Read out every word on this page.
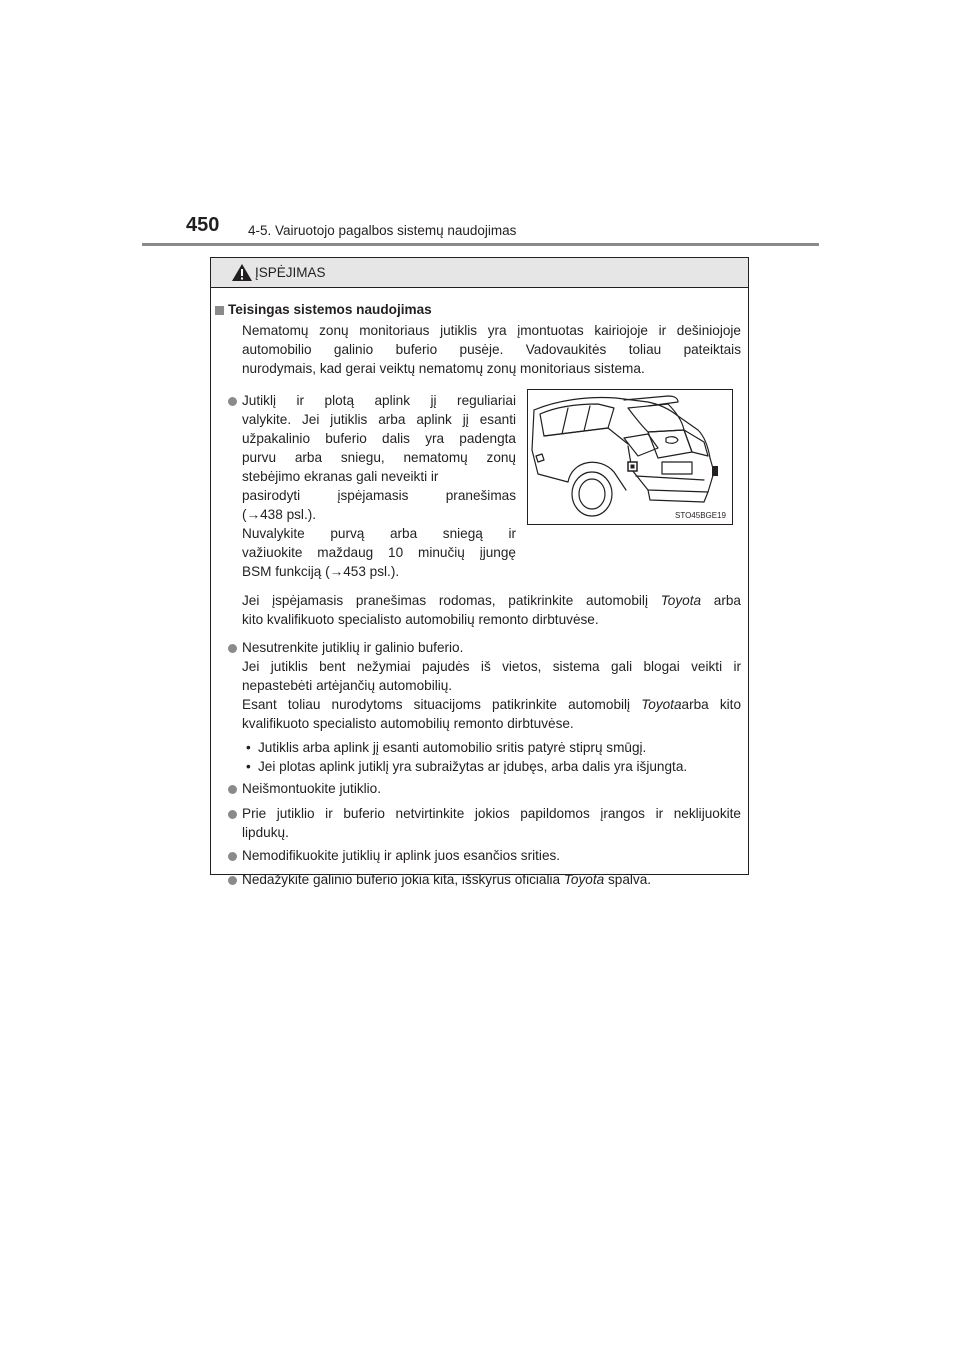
450 4-5. Vairuotojo pagalbos sistemų naudojimas
ĮSPĖJIMAS
Teisingas sistemos naudojimas
Nematomų zonų monitoriaus jutiklis yra įmontuotas kairiojoje ir dešiniojoje
automobilio galinio buferio pusėje. Vadovaukitės toliau pateiktais
nurodymais, kad gerai veiktų nematomų zonų monitoriaus sistema.
Jutiklį ir plotą aplink jį reguliariai
valykite. Jei jutiklis arba aplink jį esanti
užpakalinio buferio dalis yra padengta
purvu arba sniegu, nematomų zonų
stebėjimo ekranas gali neveikti ir
pasirodyti įspėjamasis pranešimas
(→438 psl.).
Nuvalykite purvą arba sniegą ir
važiuokite maždaug 10 minučių įjungę
BSM funkciją (→453 psl.).
STO45BGE19
Jei įspėjamasis pranešimas rodomas, patikrinkite automobilį Toyota arba
kito kvalifikuoto specialisto automobilių remonto dirbtuvėse.
Nesutrenkite jutiklių ir galinio buferio.
Jei jutiklis bent nežymiai pajudės iš vietos, sistema gali blogai veikti ir
nepastebėti artėjančių automobilių.
Esant toliau nurodytoms situacijoms patikrinkite automobilį Toyotaarba kito
kvalifikuoto specialisto automobilių remonto dirbtuvėse.
• Jutiklis arba aplink jį esanti automobilio sritis patyrė stiprų smūgį.
• Jei plotas aplink jutiklį yra subraižytas ar įdubęs, arba dalis yra išjungta.
Neišmontuokite jutiklio.
Prie jutiklio ir buferio netvirtinkite jokios papildomos įrangos ir neklijuokite
lipdukų.
Nemodifikuokite jutiklių ir aplink juos esančios srities.
Nedažykite galinio buferio jokia kita, išskyrus oficialia Toyota spalva.
